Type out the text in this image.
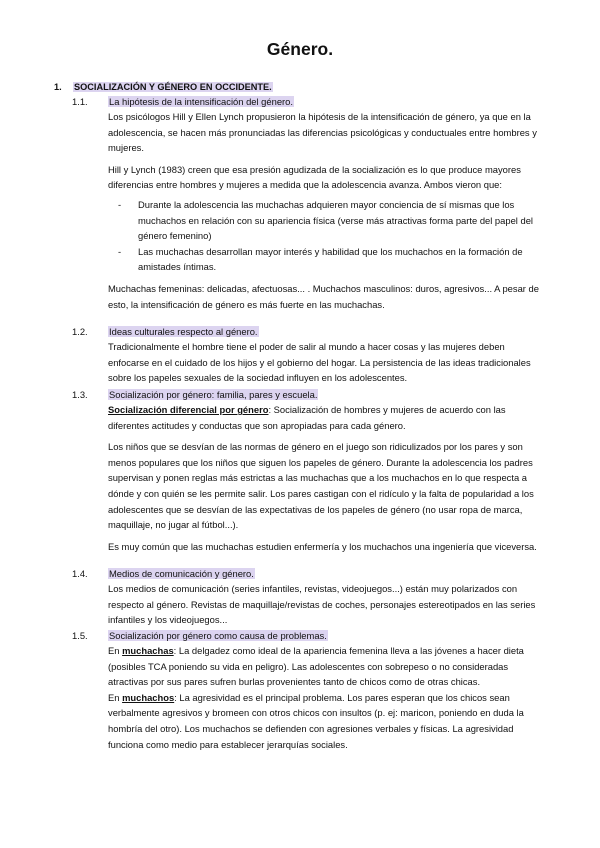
Género.
1. SOCIALIZACIÓN Y GÉNERO EN OCCIDENTE.
1.1. La hipótesis de la intensificación del género.

Los psicólogos Hill y Ellen Lynch propusieron la hipótesis de la intensificación de género, ya que en la adolescencia, se hacen más pronunciadas las diferencias psicológicas y conductuales entre hombres y mujeres.

Hill y Lynch (1983) creen que esa presión agudizada de la socialización es lo que produce mayores diferencias entre hombres y mujeres a medida que la adolescencia avanza. Ambos vieron que:

- Durante la adolescencia las muchachas adquieren mayor conciencia de sí mismas que los muchachos en relación con su apariencia física (verse más atractivas forma parte del papel del género femenino)
- Las muchachas desarrollan mayor interés y habilidad que los muchachos en la formación de amistades íntimas.

Muchachas femeninas: delicadas, afectuosas... . Muchachos masculinos: duros, agresivos... A pesar de esto, la intensificación de género es más fuerte en las muchachas.

1.2. Ideas culturales respecto al género.

Tradicionalmente el hombre tiene el poder de salir al mundo a hacer cosas y las mujeres deben enfocarse en el cuidado de los hijos y el gobierno del hogar. La persistencia de las ideas tradicionales sobre los papeles sexuales de la sociedad influyen en los adolescentes.

1.3. Socialización por género: familia, pares y escuela.

Socialización diferencial por género: Socialización de hombres y mujeres de acuerdo con las diferentes actitudes y conductas que son apropiadas para cada género.

Los niños que se desvían de las normas de género en el juego son ridiculizados por los pares y son menos populares que los niños que siguen los papeles de género. Durante la adolescencia los padres supervisan y ponen reglas más estrictas a las muchachas que a los muchachos en lo que respecta a dónde y con quién se les permite salir. Los pares castigan con el ridículo y la falta de popularidad a los adolescentes que se desvían de las expectativas de los papeles de género (no usar ropa de marca, maquillaje, no jugar al fútbol...).

Es muy común que las muchachas estudien enfermería y los muchachos una ingeniería que viceversa.

1.4. Medios de comunicación y género.

Los medios de comunicación (series infantiles, revistas, videojuegos...) están muy polarizados con respecto al género. Revistas de maquillaje/revistas de coches, personajes estereotipados en las series infantiles y los videojuegos...

1.5. Socialización por género como causa de problemas.

En muchachas: La delgadez como ideal de la apariencia femenina lleva a las jóvenes a hacer dieta (posibles TCA poniendo su vida en peligro). Las adolescentes con sobrepeso o no consideradas atractivas por sus pares sufren burlas provenientes tanto de chicos como de otras chicas.

En muchachos: La agresividad es el principal problema. Los pares esperan que los chicos sean verbalmente agresivos y bromeen con otros chicos con insultos (p. ej: maricon, poniendo en duda la hombría del otro). Los muchachos se defienden con agresiones verbales y físicas. La agresividad funciona como medio para establecer jerarquías sociales.
